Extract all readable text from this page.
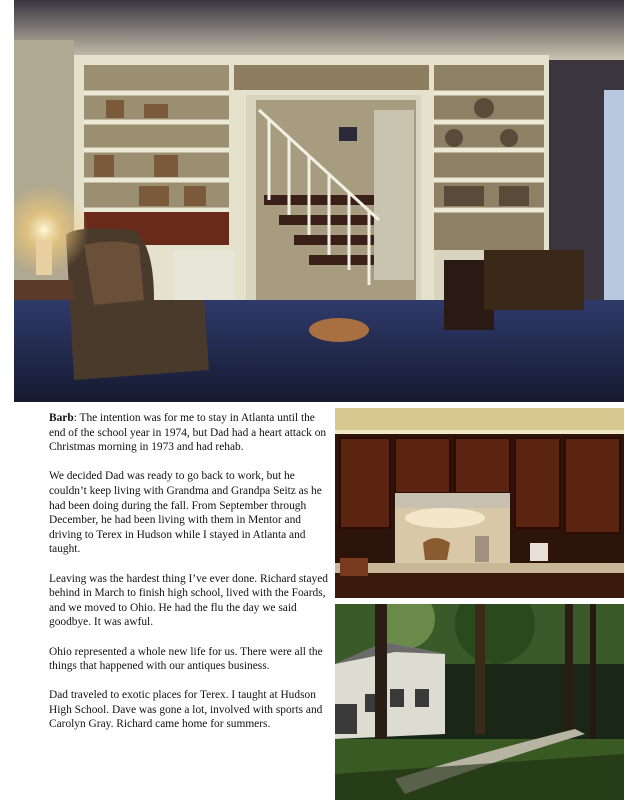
Barb: The intention was for me to stay in Atlanta until the end of the school year in 1974, but Dad had a heart attack on Christmas morning in 1973 and had rehab.

We decided Dad was ready to go back to work, but he couldn’t keep living with Grandma and Grandpa Seitz as he had been doing during the fall. From September through December, he had been living with them in Mentor and driving to Terex in Hudson while I stayed in Atlanta and taught.

Leaving was the hardest thing I’ve ever done. Richard stayed behind in March to finish high school, lived with the Foards, and we moved to Ohio. He had the flu the day we said goodbye. It was awful.

Ohio represented a whole new life for us. There were all the things that happened with our antiques business.

Dad traveled to exotic places for Terex. I taught at Hudson High School. Dave was gone a lot, involved with sports and Carolyn Gray. Richard came home for summers.
